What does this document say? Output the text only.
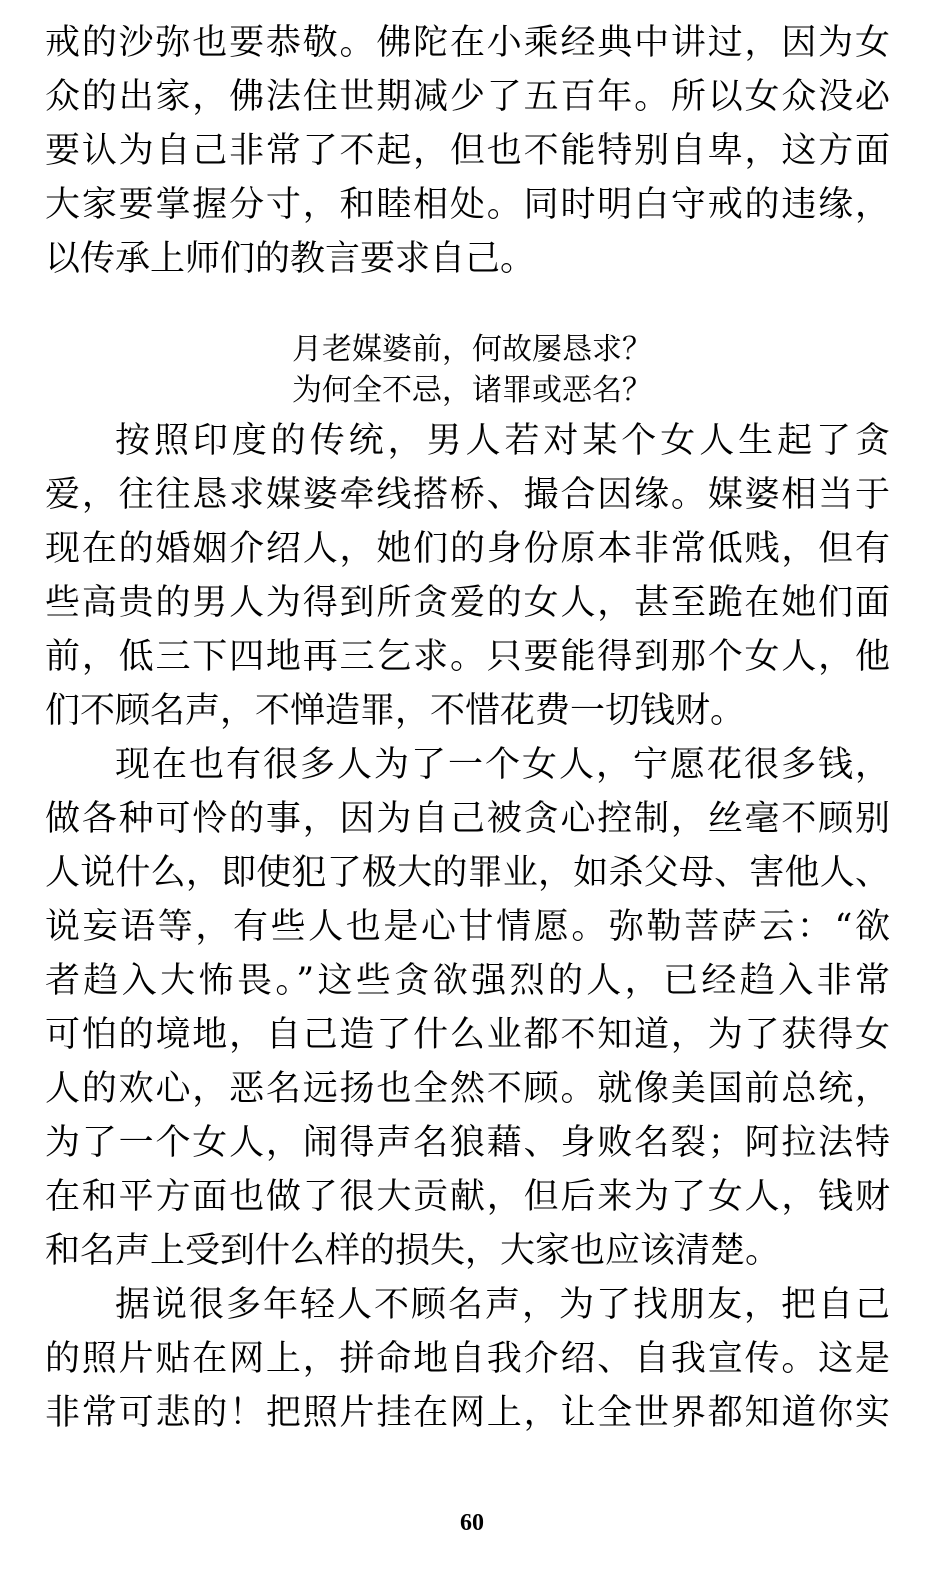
戒的沙弥也要恭敬。佛陀在小乘经典中讲过，因为女
众的出家，佛法住世期减少了五百年。所以女众没必
要认为自己非常了不起，但也不能特别自卑，这方面
大家要掌握分寸，和睦相处。同时明白守戒的违缘，
以传承上师们的教言要求自己。
月老媒婆前，何故屡恳求？
为何全不忌，诸罪或恶名？
按照印度的传统，男人若对某个女人生起了贪
爱，往往恳求媒婆牵线搭桥、撮合因缘。媒婆相当于
现在的婚姻介绍人，她们的身份原本非常低贱，但有
些高贵的男人为得到所贪爱的女人，甚至跪在她们面
前，低三下四地再三乞求。只要能得到那个女人，他
们不顾名声，不惮造罪，不惜花费一切钱财。
现在也有很多人为了一个女人，宁愿花很多钱，
做各种可怜的事，因为自己被贪心控制，丝毫不顾别
人说什么，即使犯了极大的罪业，如杀父母、害他人、
说妄语等，有些人也是心甘情愿。弥勒菩萨云：“欲
者趋入大怖畏。”这些贪欲强烈的人，已经趋入非常
可怕的境地，自己造了什么业都不知道，为了获得女
人的欢心，恶名远扬也全然不顾。就像美国前总统，
为了一个女人，闹得声名狼藉、身败名裂；阿拉法特
在和平方面也做了很大贡献，但后来为了女人，钱财
和名声上受到什么样的损失，大家也应该清楚。
据说很多年轻人不顾名声，为了找朋友，把自己
的照片贴在网上，拼命地自我介绍、自我宣传。这是
非常可悲的！把照片挂在网上，让全世界都知道你实
60
